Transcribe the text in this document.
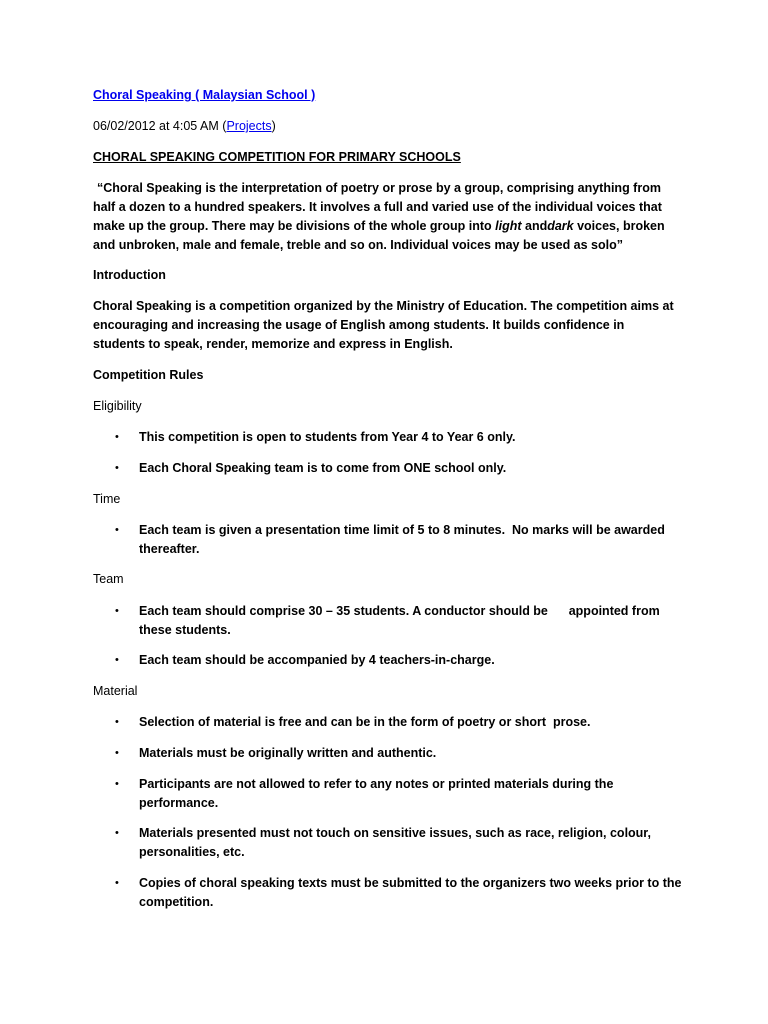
Choral Speaking ( Malaysian School )

06/02/2012 at 4:05 AM (Projects)

CHORAL SPEAKING COMPETITION FOR PRIMARY SCHOOLS

“Choral Speaking is the interpretation of poetry or prose by a group, comprising anything from half a dozen to a hundred speakers. It involves a full and varied use of the individual voices that make up the group. There may be divisions of the whole group into light anddark voices, broken and unbroken, male and female, treble and so on. Individual voices may be used as solo”

Introduction

Choral Speaking is a competition organized by the Ministry of Education. The competition aims at encouraging and increasing the usage of English among students. It builds confidence in students to speak, render, memorize and express in English.

Competition Rules

Eligibility

•	This competition is open to students from Year 4 to Year 6 only.

•	Each Choral Speaking team is to come from ONE school only.

Time

•	Each team is given a presentation time limit of 5 to 8 minutes.  No marks will be awarded thereafter.

Team

•	Each team should comprise 30 – 35 students. A conductor should be      appointed from these students.

•	Each team should be accompanied by 4 teachers-in-charge.

Material

•	Selection of material is free and can be in the form of poetry or short  prose.

•	Materials must be originally written and authentic.

•	Participants are not allowed to refer to any notes or printed materials during the performance.

•	Materials presented must not touch on sensitive issues, such as race, religion, colour, personalities, etc.

•	Copies of choral speaking texts must be submitted to the organizers two weeks prior to the competition.
